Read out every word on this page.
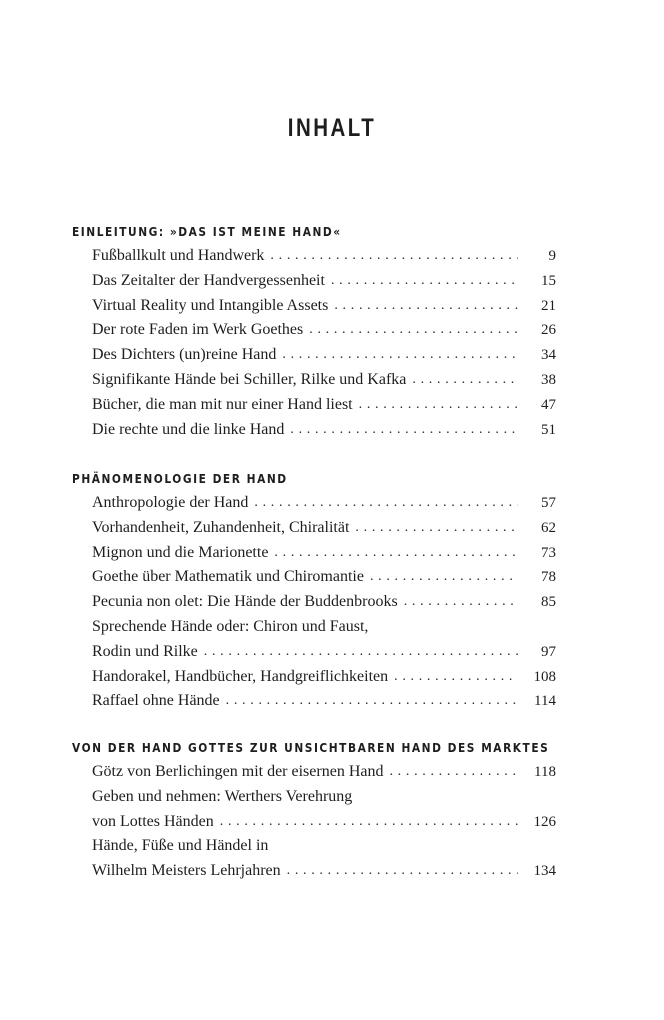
INHALT
EINLEITUNG: »DAS IST MEINE HAND«
Fußballkult und Handwerk . . .	9
Das Zeitalter der Handvergessenheit . . .	15
Virtual Reality und Intangible Assets . . .	21
Der rote Faden im Werk Goethes . . .	26
Des Dichters (un)reine Hand . . .	34
Signifikante Hände bei Schiller, Rilke und Kafka . . .	38
Bücher, die man mit nur einer Hand liest . . .	47
Die rechte und die linke Hand . . .	51
PHÄNOMENOLOGIE DER HAND
Anthropologie der Hand . . .	57
Vorhandenheit, Zuhandenheit, Chiralität . . .	62
Mignon und die Marionette . . .	73
Goethe über Mathematik und Chiromantie . . .	78
Pecunia non olet: Die Hände der Buddenbrooks . . .	85
Sprechende Hände oder: Chiron und Faust,
Rodin und Rilke . . .	97
Handorakel, Handbücher, Handgreiflichkeiten . . .	108
Raffael ohne Hände . . .	114
VON DER HAND GOTTES ZUR UNSICHTBAREN HAND DES MARKTES
Götz von Berlichingen mit der eisernen Hand . . .	118
Geben und nehmen: Werthers Verehrung
von Lottes Händen . . .	126
Hände, Füße und Händel in
Wilhelm Meisters Lehrjahren . . .	134
